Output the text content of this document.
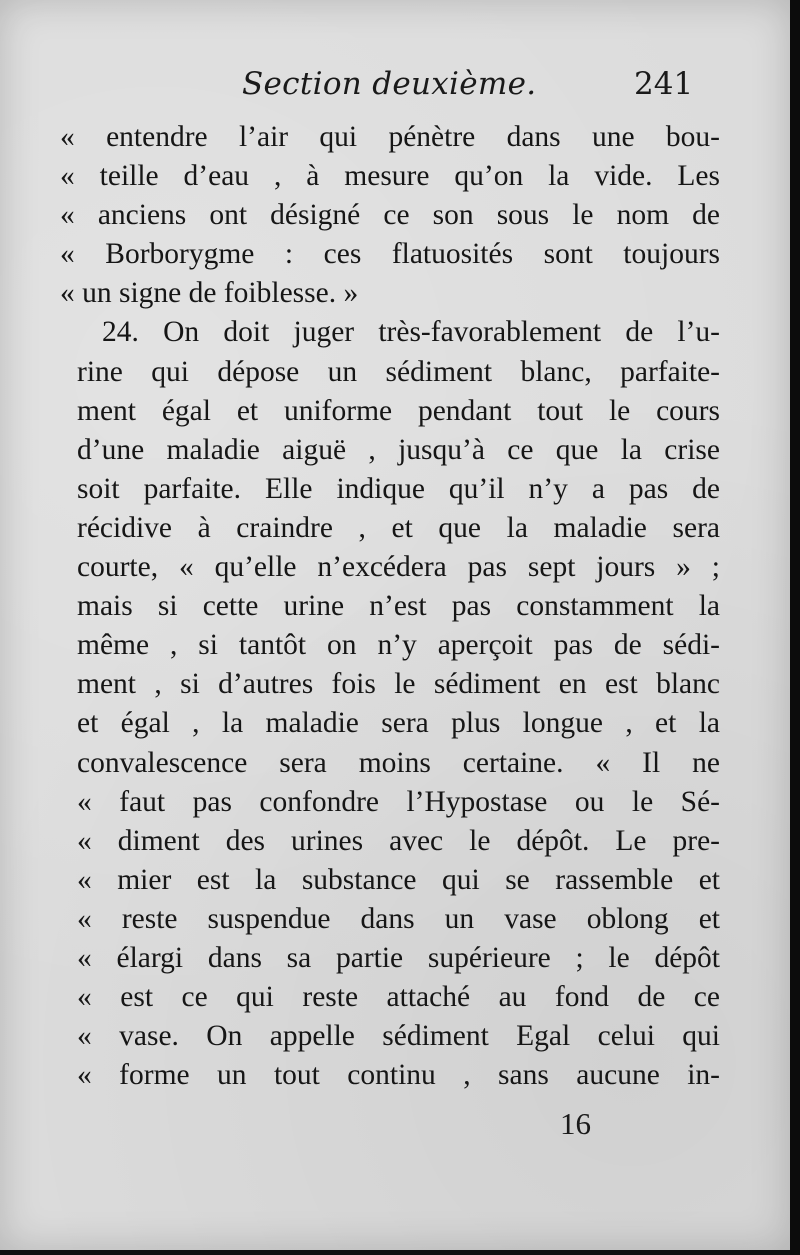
Section deuxième.	241
« entendre l’air qui pénètre dans une bou-
« teille d’eau , à mesure qu’on la vide. Les
« anciens ont désigné ce son sous le nom de
« Borborygme : ces flatuosités sont toujours
« un signe de foiblesse. »
24. On doit juger très-favorablement de l’u-
rine qui dépose un sédiment blanc, parfaite-
ment égal et uniforme pendant tout le cours
d’une maladie aiguë , jusqu’à ce que la crise
soit parfaite. Elle indique qu’il n’y a pas de
récidive à craindre , et que la maladie sera
courte, « qu’elle n’excédera pas sept jours » ;
mais si cette urine n’est pas constamment la
même , si tantôt on n’y aperçoit pas de sédi-
ment , si d’autres fois le sédiment en est blanc
et égal , la maladie sera plus longue , et la
convalescence sera moins certaine. « Il ne
« faut pas confondre l’Hypostase ou le Sé-
« diment des urines avec le dépôt. Le pre-
« mier est la substance qui se rassemble et
« reste suspendue dans un vase oblong et
« élargi dans sa partie supérieure ; le dépôt
« est ce qui reste attaché au fond de ce
« vase. On appelle sédiment Egal celui qui
« forme un tout continu , sans aucune in-
16
